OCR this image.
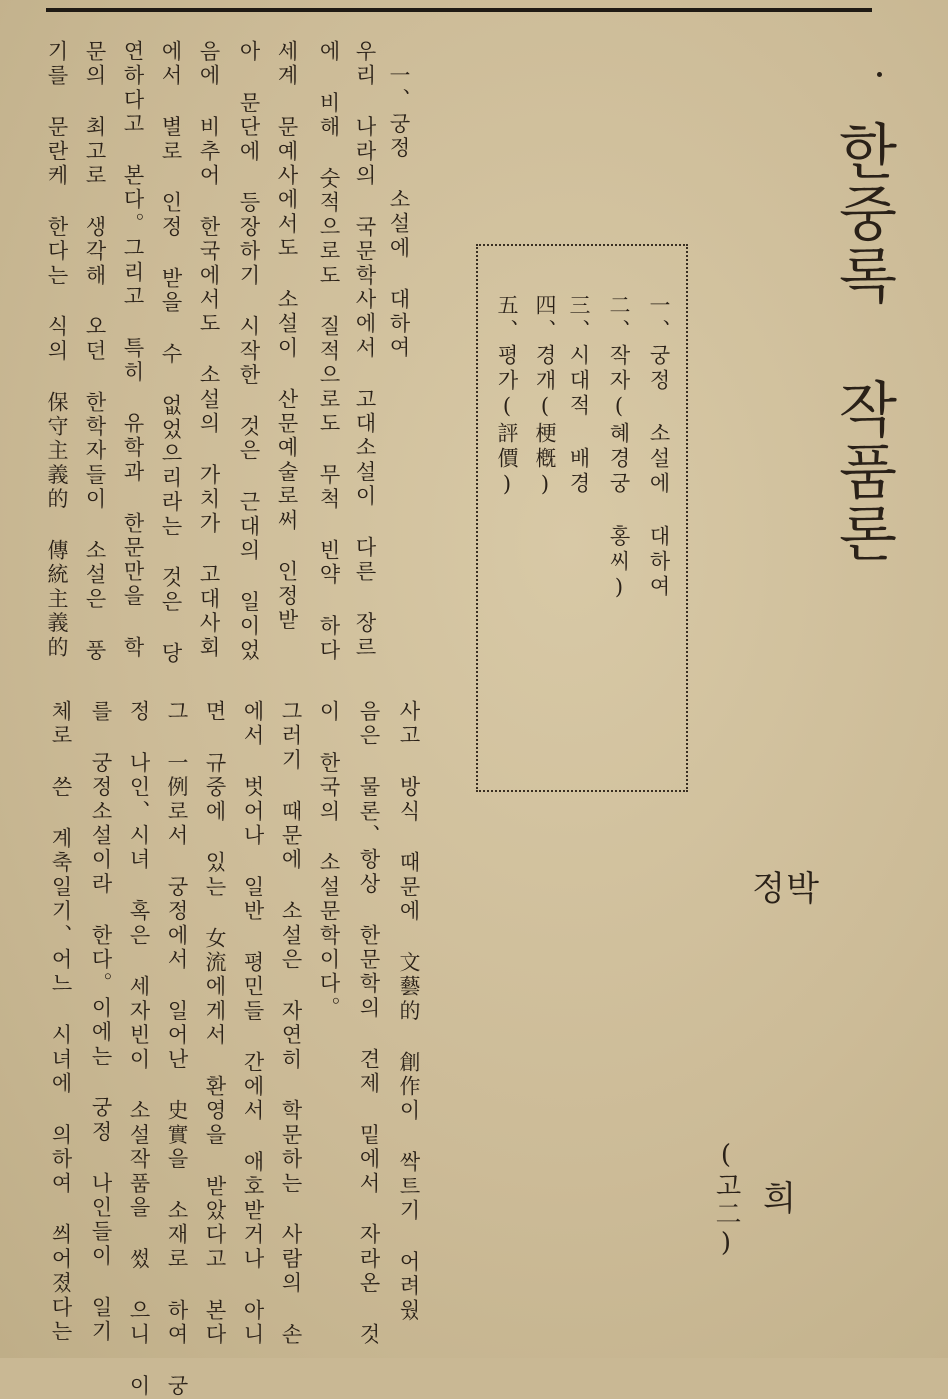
한중록 작품론
一、궁정 소설에 대하여
二、작자(혜경궁 홍씨)
三、시대적 배경
四、경개(梗槪)
五、평가(評價)
박
정
(고二) 희
一、궁정 소설에 대하여
우리 나라의 국문학사에서 고대소설이 다른 장르
에 비해 숫적으로도 질적으로도 무척 빈약 하다
세계 문예사에서도 소설이 산문예술로써 인정받
아 문단에 등장하기 시작한 것은 근대의 일이었
음에 비추어 한국에서도 소설의 가치가 고대사회
에서 별로 인정 받을 수 없었으리라는 것은 당
연하다고 본다。그리고 특히 유학과 한문만을 학
문의 최고로 생각해 오던 한학자들이 소설은 풍
기를 문란케 한다는 식의 保守主義的 傳統主義的
사고 방식 때문에 文藝的 創作이 싹트기 어려웠
음은 물론、항상 한문학의 견제 밑에서 자라온 것
이 한국의 소설문학이다。
그러기 때문에 소설은 자연히 학문하는 사람의 손
에서 벗어나 일반 평민들 간에서 애호받거나 아니
면 규중에 있는 女流에게서 환영을 받았다고 본다
그 一例로서 궁정에서 일어난 史實을 소재로 하여 궁
정 나인、시녀 혹은 세자빈이 소설작품을 썼 으니 이
를 궁정소설이라 한다。이에는 궁정 나인들이 일기
체로 쓴 계축일기、어느 시녀에 의하여 씌어졌다는
